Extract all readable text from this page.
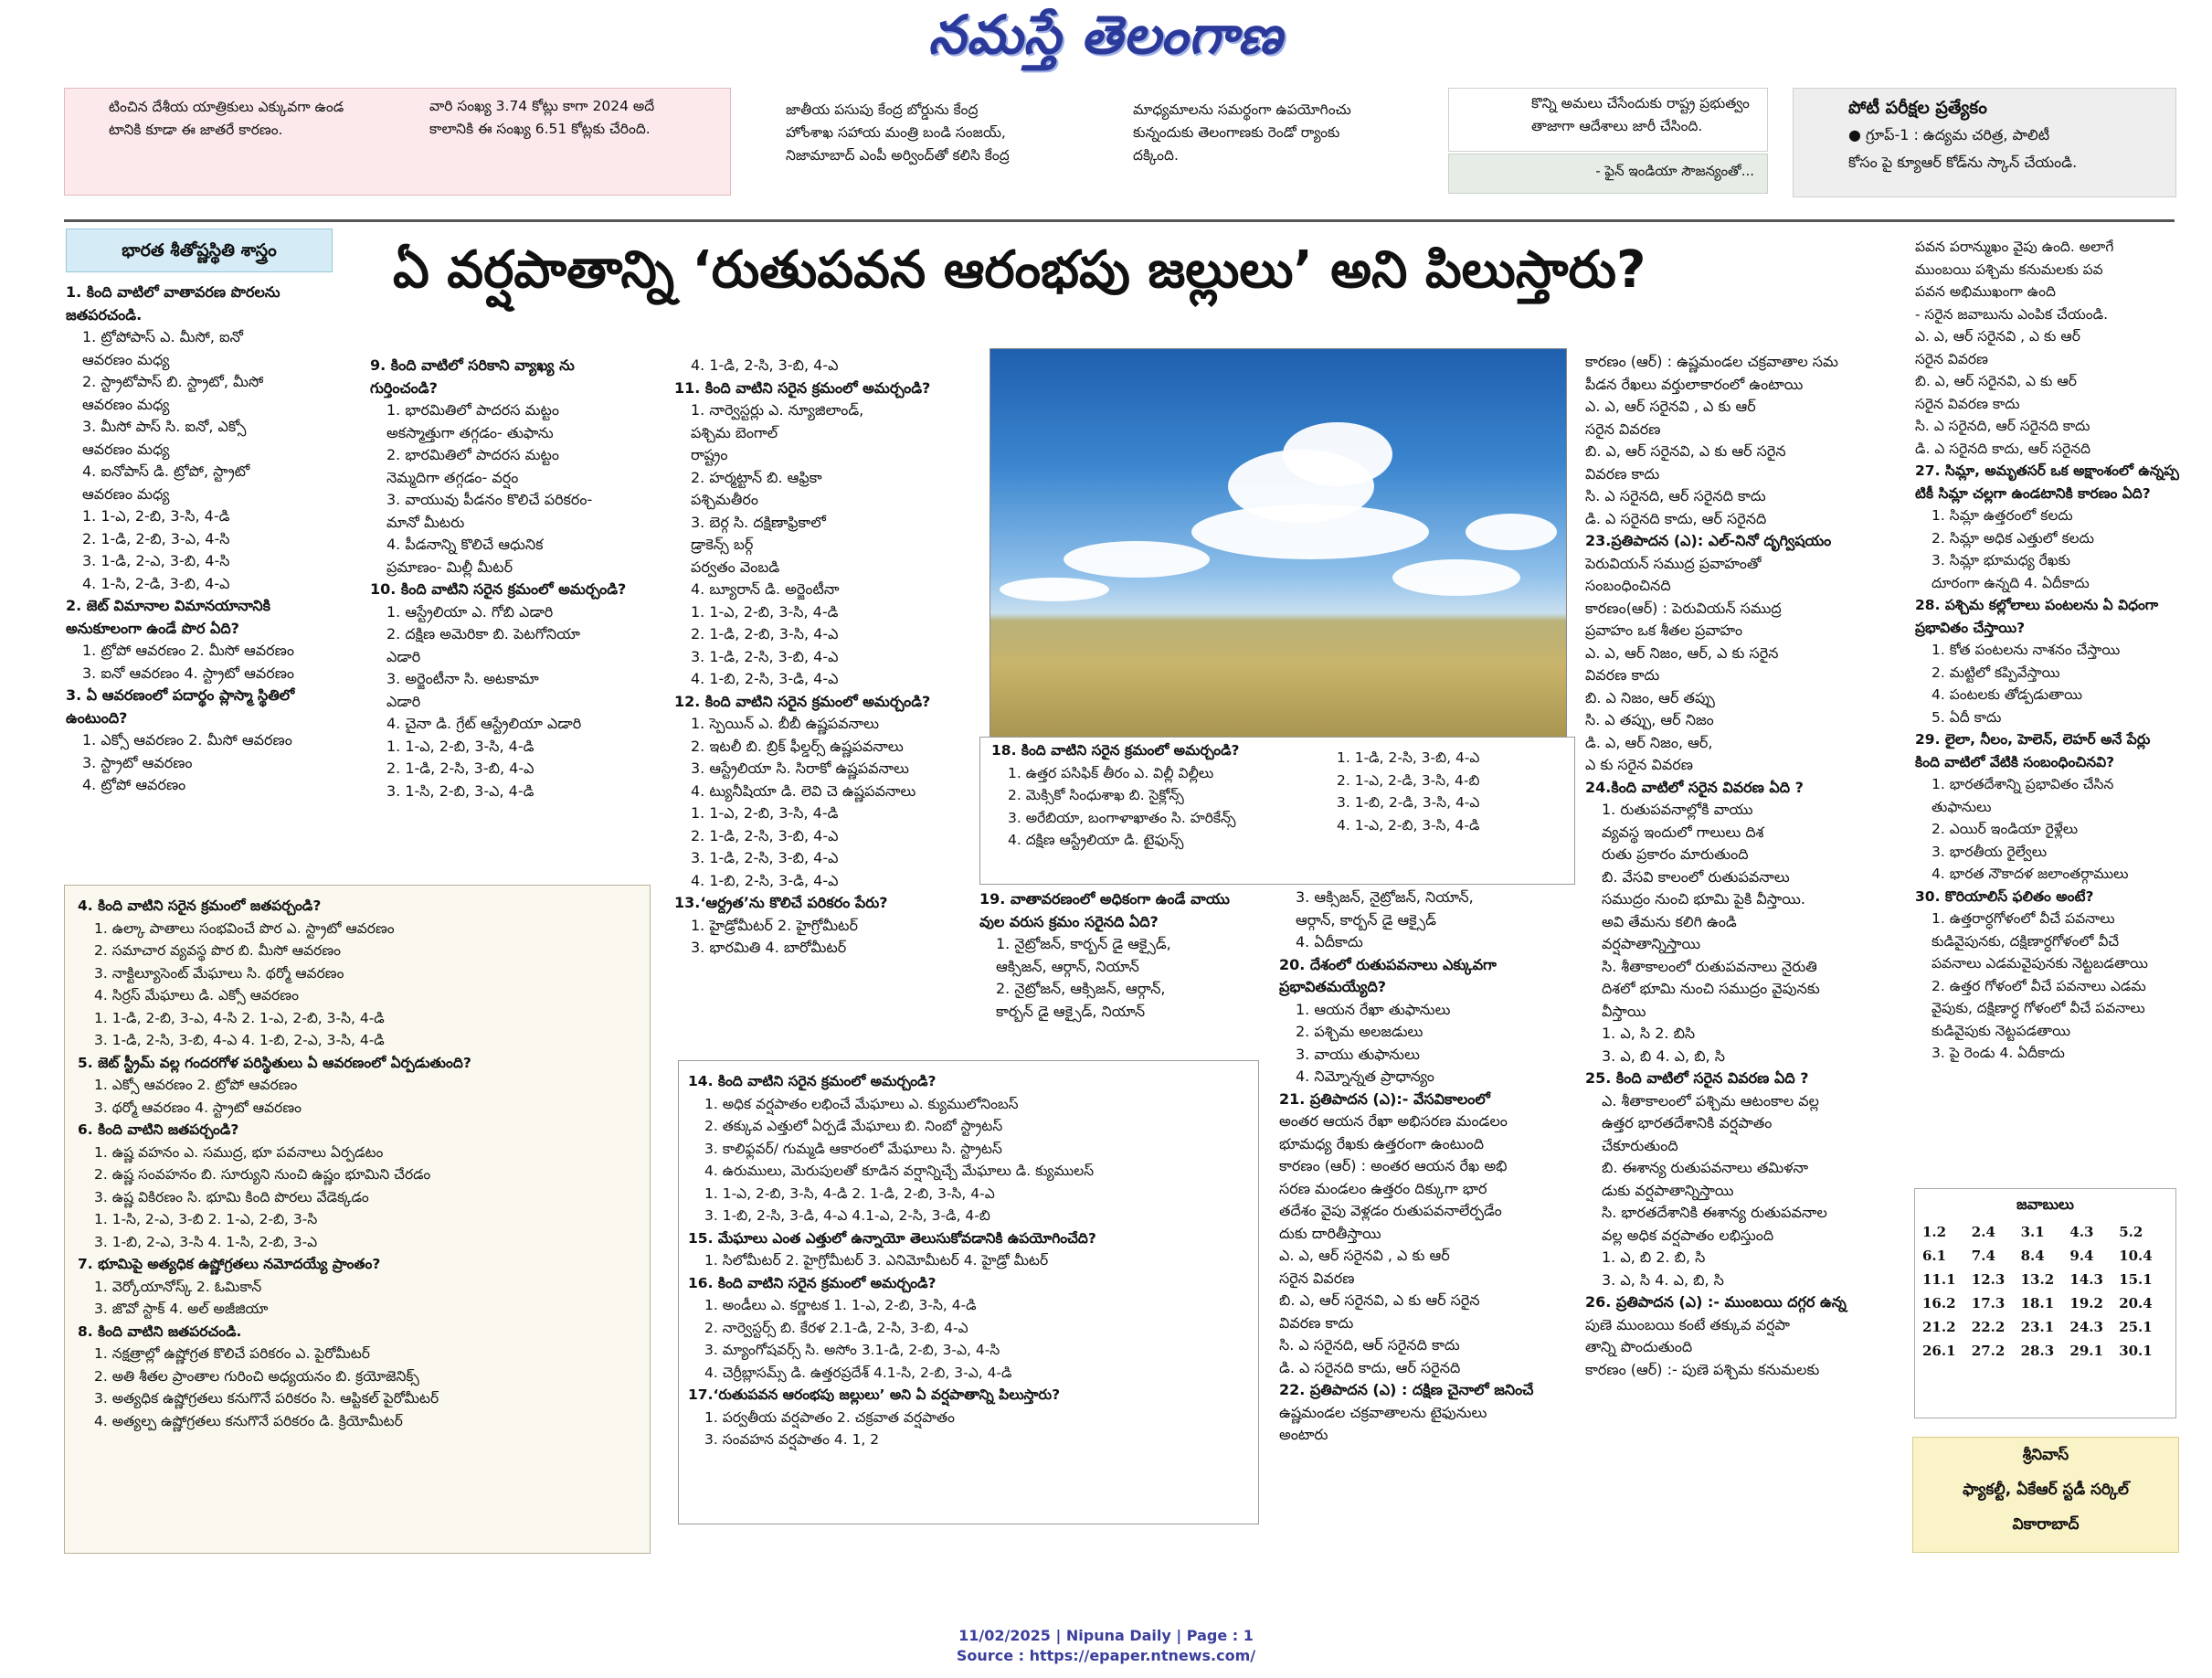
నమస్తే తెలంగాణ
టించిన దేశీయ యాత్రికులు ఎక్కువగా ఉండ
టానికి కూడా ఈ జాతరే కారణం.
వారి సంఖ్య 3.74 కోట్లు కాగా 2024 అదే
కాలానికి ఈ సంఖ్య 6.51 కోట్లకు చేరింది.
జాతీయ పసుపు కేంద్ర బోర్డును కేంద్ర
హోంశాఖ సహాయ మంత్రి బండి సంజయ్,
నిజామాబాద్ ఎంపీ అర్వింద్‌తో కలిసి కేంద్ర
మాధ్యమాలను సమర్థంగా ఉపయోగించు
కున్నందుకు తెలంగాణకు రెండో ర్యాంకు
దక్కింది.
కొన్ని అమలు చేసేందుకు రాష్ట్ర ప్రభుత్వం
తాజాగా ఆదేశాలు జారీ చేసింది.
- ఫైన్ ఇండియా సౌజన్యంతో...
పోటీ పరీక్షల ప్రత్యేకం
● గ్రూప్-1 : ఉద్యమ చరిత్ర, పాలిటీ
కోసం పై క్యూఆర్ కోడ్‌ను స్కాన్ చేయండి.
భారత శీతోష్ణస్థితి శాస్త్రం	ఏ వర్షపాతాన్ని ‘రుతుపవన ఆరంభపు జల్లులు’ అని పిలుస్తారు?
1. కింది వాటిలో వాతావరణ పొరలను
జతపరచండి.
1. ట్రోపోపాస్ ఎ. మీసో, ఐనో
ఆవరణం మధ్య
2. స్ట్రాటోపాస్ బి. స్ట్రాటో, మీసో
ఆవరణం మధ్య
3. మీసో పాస్ సి. ఐనో, ఎక్సో
ఆవరణం మధ్య
4. ఐనోపాస్ డి. ట్రోపో, స్ట్రాటో
ఆవరణం మధ్య
1. 1-ఎ, 2-బి, 3-సి, 4-డి
2. 1-డి, 2-బి, 3-ఎ, 4-సి
3. 1-డి, 2-ఎ, 3-బి, 4-సి
4. 1-సి, 2-డి, 3-బి, 4-ఎ
2. జెట్ విమానాల విమానయానానికి
అనుకూలంగా ఉండే పొర ఏది?
1. ట్రోపో ఆవరణం 2. మీసో ఆవరణం
3. ఐనో ఆవరణం 4. స్ట్రాటో ఆవరణం
3. ఏ ఆవరణంలో పదార్థం ప్లాస్మా స్థితిలో
ఉంటుంది?
1. ఎక్సో ఆవరణం 2. మీసో ఆవరణం
3. స్ట్రాటో ఆవరణం
4. ట్రోపో ఆవరణం
4. కింది వాటిని సరైన క్రమంలో జతపర్చండి?
1. ఉల్కా పాతాలు సంభవించే పొర ఎ. స్ట్రాటో ఆవరణం
2. సమాచార వ్యవస్థ పొర బి. మీసో ఆవరణం
3. నాక్టిల్యూసెంట్ మేఘాలు సి. థర్మో ఆవరణం
4. సిర్రస్ మేఘాలు డి. ఎక్సో ఆవరణం
1. 1-డి, 2-బి, 3-ఎ, 4-సి 2. 1-ఎ, 2-బి, 3-సి, 4-డి
3. 1-డి, 2-సి, 3-బి, 4-ఎ 4. 1-బి, 2-ఎ, 3-సి, 4-డి
5. జెట్ స్ట్రీమ్ వల్ల గందరగోళ పరిస్థితులు ఏ ఆవరణంలో ఏర్పడుతుంది?
1. ఎక్సో ఆవరణం 2. ట్రోపో ఆవరణం
3. థర్మో ఆవరణం 4. స్ట్రాటో ఆవరణం
6. కింది వాటిని జతపర్చండి?
1. ఉష్ణ వహనం ఎ. సముద్ర, భూ పవనాలు ఏర్పడటం
2. ఉష్ణ సంవహనం బి. సూర్యుని నుంచి ఉష్ణం భూమిని చేరడం
3. ఉష్ణ వికిరణం సి. భూమి కింది పొరలు వేడెక్కడం
1. 1-సి, 2-ఎ, 3-బి 2. 1-ఎ, 2-బి, 3-సి
3. 1-బి, 2-ఎ, 3-సి 4. 1-సి, 2-బి, 3-ఎ
7. భూమిపై అత్యధిక ఉష్ణోగ్రతలు నమోదయ్యే ప్రాంతం?
1. వెర్కోయానోస్క్ 2. ఓమికాన్
3. జొవో స్టాక్ 4. అల్ అజీజియా
8. కింది వాటిని జతపరచండి.
1. నక్షత్రాల్లో ఉష్ణోగ్రత కొలిచే పరికరం ఎ. పైరోమీటర్
2. అతి శీతల ప్రాంతాల గురించి అధ్యయనం బి. క్రయోజెనిక్స్
3. అత్యధిక ఉష్ణోగ్రతలు కనుగొనే పరికరం సి. ఆప్టికల్ పైరోమీటర్
4. అత్యల్ప ఉష్ణోగ్రతలు కనుగొనే పరికరం డి. క్రియోమీటర్
9. కింది వాటిలో సరికాని వ్యాఖ్య ను
గుర్తించండి?
1. భారమితిలో పాదరస మట్టం
అకస్మాత్తుగా తగ్గడం- తుఫాను
2. భారమితిలో పాదరస మట్టం
నెమ్మదిగా తగ్గడం- వర్షం
3. వాయువు పీడనం కొలిచే పరికరం-
మానో మీటరు
4. పీడనాన్ని కొలిచే ఆధునిక
ప్రమాణం- మిల్లీ మీటర్
10. కింది వాటిని సరైన క్రమంలో అమర్చండి?
1. ఆస్ట్రేలియా ఎ. గోబి ఎడారి
2. దక్షిణ అమెరికా బి. పెటగోనియా
ఎడారి
3. అర్జెంటీనా సి. అటకామా
ఎడారి
4. చైనా డి. గ్రేట్ ఆస్ట్రేలియా ఎడారి
1. 1-ఎ, 2-బి, 3-సి, 4-డి
2. 1-డి, 2-సి, 3-బి, 4-ఎ
3. 1-సి, 2-బి, 3-ఎ, 4-డి
4. 1-డి, 2-సి, 3-బి, 4-ఎ
11. కింది వాటిని సరైన క్రమంలో అమర్చండి?
1. నార్వెస్టర్లు ఎ. న్యూజిలాండ్,
పశ్చిమ బెంగాల్
రాష్ట్రం
2. హర్మట్టాన్ బి. ఆఫ్రికా
పశ్చిమతీరం
3. బెర్గ సి. దక్షిణాఫ్రికాలో
డ్రాకెన్స్ బర్గ్
పర్వతం వెంబడి
4. బ్యూరాన్ డి. అర్జెంటీనా
1. 1-ఎ, 2-బి, 3-సి, 4-డి
2. 1-డి, 2-బి, 3-సి, 4-ఎ
3. 1-డి, 2-సి, 3-బి, 4-ఎ
4. 1-బి, 2-సి, 3-డి, 4-ఎ
12. కింది వాటిని సరైన క్రమంలో అమర్చండి?
1. స్పెయిన్ ఎ. బీబీ ఉష్ణపవనాలు
2. ఇటలీ బి. బ్రిక్ ఫీల్డర్స్ ఉష్ణపవనాలు
3. ఆస్ట్రేలియా సి. సిరాకో ఉష్ణపవనాలు
4. ట్యునీషియా డి. లెవి చె ఉష్ణపవనాలు
1. 1-ఎ, 2-బి, 3-సి, 4-డి
2. 1-డి, 2-సి, 3-బి, 4-ఎ
3. 1-డి, 2-సి, 3-బి, 4-ఎ
4. 1-బి, 2-సి, 3-డి, 4-ఎ
13.‘ఆర్ద్రత’ను కొలిచే పరికరం పేరు?
1. హైడ్రోమీటర్ 2. హైగ్రోమీటర్
3. భారమితి 4. బారోమీటర్
18. కింది వాటిని సరైన క్రమంలో అమర్చండి?
1. ఉత్తర పసిఫిక్ తీరం ఎ. విల్లీ విల్లీలు
2. మెక్సికో సింధుశాఖ బి. సైక్లోన్స్
3. అరేబియా, బంగాళాఖాతం సి. హరికేన్స్
4. దక్షిణ ఆస్ట్రేలియా డి. టైఫున్స్
1. 1-డి, 2-సి, 3-బి, 4-ఎ
2. 1-ఎ, 2-డి, 3-సి, 4-బి
3. 1-బి, 2-డి, 3-సి, 4-ఎ
4. 1-ఎ, 2-బి, 3-సి, 4-డి
19. వాతావరణంలో అధికంగా ఉండే వాయు
వుల వరుస క్రమం సరైనది ఏది?
1. నైట్రోజన్, కార్బన్ డై ఆక్సైడ్,
ఆక్సిజన్, ఆర్గాన్, నియాన్
2. నైట్రోజన్, ఆక్సిజన్, ఆర్గాన్,
కార్బన్ డై ఆక్సైడ్, నియాన్
3. ఆక్సిజన్, నైట్రోజన్, నియాన్,
ఆర్గాన్, కార్బన్ డై ఆక్సైడ్
4. ఏదీకాదు
20. దేశంలో రుతుపవనాలు ఎక్కువగా
ప్రభావితమయ్యేది?
1. ఆయన రేఖా తుఫానులు
2. పశ్చిమ అలజడులు
3. వాయు తుఫానులు
4. నిమ్నోన్నత ప్రాధాన్యం
21. ప్రతిపాదన (ఎ):- వేసవికాలంలో
అంతర ఆయన రేఖా అభిసరణ మండలం
భూమధ్య రేఖకు ఉత్తరంగా ఉంటుంది
కారణం (ఆర్) : అంతర ఆయన రేఖ అభి
సరణ మండలం ఉత్తరం దిక్కుగా భార
తదేశం వైపు వెళ్లడం రుతుపవనాలేర్పడేం
దుకు దారితీస్తాయి
ఎ. ఎ, ఆర్ సరైనవి , ఎ కు ఆర్
సరైన వివరణ
బి. ఎ, ఆర్ సరైనవి, ఎ కు ఆర్ సరైన
వివరణ కాదు
సి. ఎ సరైనది, ఆర్ సరైనది కాదు
డి. ఎ సరైనది కాదు, ఆర్ సరైనది
22. ప్రతిపాదన (ఎ) : దక్షిణ చైనాలో జనించే
ఉష్ణమండల చక్రవాతాలను టైఫునులు
అంటారు
14. కింది వాటిని సరైన క్రమంలో అమర్చండి?
1. అధిక వర్షపాతం లభించే మేఘాలు ఎ. క్యుములోనింబస్
2. తక్కువ ఎత్తులో ఏర్పడే మేఘాలు బి. నింబో స్ట్రాటస్
3. కాలిఫ్లవర్/ గుమ్మడి ఆకారంలో మేఘాలు సి. స్ట్రాటస్
4. ఉరుములు, మెరుపులతో కూడిన వర్షాన్నిచ్చే మేఘాలు డి. క్యుములస్
1. 1-ఎ, 2-బి, 3-సి, 4-డి 2. 1-డి, 2-బి, 3-సి, 4-ఎ
3. 1-బి, 2-సి, 3-డి, 4-ఎ 4.1-ఎ, 2-సి, 3-డి, 4-బి
15. మేఘాలు ఎంత ఎత్తులో ఉన్నాయో తెలుసుకోవడానికి ఉపయోగించేది?
1. సిలోమీటర్ 2. హైగ్రోమీటర్ 3. ఎనిమోమీటర్ 4. హైడ్రో మీటర్
16. కింది వాటిని సరైన క్రమంలో అమర్చండి?
1. అండీలు ఎ. కర్ణాటక 1. 1-ఎ, 2-బి, 3-సి, 4-డి
2. నార్వెస్టర్స్ బి. కేరళ 2.1-డి, 2-సి, 3-బి, 4-ఎ
3. మ్యాంగోషవర్స్ సి. అసోం 3.1-డి, 2-బి, 3-ఎ, 4-సి
4. చెర్రీబ్లాసమ్స్ డి. ఉత్తరప్రదేశ్ 4.1-సి, 2-బి, 3-ఎ, 4-డి
17.‘రుతుపవన ఆరంభపు జల్లులు’ అని ఏ వర్షపాతాన్ని పిలుస్తారు?
1. పర్వతీయ వర్షపాతం 2. చక్రవాత వర్షపాతం
3. సంవహన వర్షపాతం 4. 1, 2
కారణం (ఆర్) : ఉష్ణమండల చక్రవాతాల సమ
పీడన రేఖలు వర్తులాకారంలో ఉంటాయి
ఎ. ఎ, ఆర్ సరైనవి , ఎ కు ఆర్
సరైన వివరణ
బి. ఎ, ఆర్ సరైనవి, ఎ కు ఆర్ సరైన
వివరణ కాదు
సి. ఎ సరైనది, ఆర్ సరైనది కాదు
డి. ఎ సరైనది కాదు, ఆర్ సరైనది
23.ప్రతిపాదన (ఎ): ఎల్-నినో దృగ్విషయం
పెరువియన్ సముద్ర ప్రవాహంతో
సంబంధించినది
కారణం(ఆర్) : పెరువియన్ సముద్ర
ప్రవాహం ఒక శీతల ప్రవాహం
ఎ. ఎ, ఆర్ నిజం, ఆర్, ఎ కు సరైన
వివరణ కాదు
బి. ఎ నిజం, ఆర్ తప్పు
సి. ఎ తప్పు, ఆర్ నిజం
డి. ఎ, ఆర్ నిజం, ఆర్,
ఎ కు సరైన వివరణ
24.కింది వాటిలో సరైన వివరణ ఏది ?
1. రుతుపవనాల్లోకి వాయు
వ్యవస్థ ఇందులో గాలులు దిశ
రుతు ప్రకారం మారుతుంది
బి. వేసవి కాలంలో రుతుపవనాలు
సముద్రం నుంచి భూమి పైకి వీస్తాయి.
అవి తేమను కలిగి ఉండి
వర్షపాతాన్నిస్తాయి
సి. శీతాకాలంలో రుతుపవనాలు నైరుతి
దిశలో భూమి నుంచి సముద్రం వైపునకు
వీస్తాయి
1. ఎ, సి 2. బిసి
3. ఎ, బి 4. ఎ, బి, సి
25. కింది వాటిలో సరైన వివరణ ఏది ?
ఎ. శీతాకాలంలో పశ్చిమ ఆటంకాల వల్ల
ఉత్తర భారతదేశానికి వర్షపాతం
చేకూరుతుంది
బి. ఈశాన్య రుతుపవనాలు తమిళనా
డుకు వర్షపాతాన్నిస్తాయి
సి. భారతదేశానికి ఈశాన్య రుతుపవనాల
వల్ల అధిక వర్షపాతం లభిస్తుంది
1. ఎ, బి 2. బి, సి
3. ఎ, సి 4. ఎ, బి, సి
26. ప్రతిపాదన (ఎ) :- ముంబయి దగ్గర ఉన్న
పుణె ముంబయి కంటే తక్కువ వర్షపా
తాన్ని పొందుతుంది
కారణం (ఆర్) :- పుణె పశ్చిమ కనుమలకు
పవన పరాన్ముఖం వైపు ఉంది. అలాగే
ముంబయి పశ్చిమ కనుమలకు పవ
పవన అభిముఖంగా ఉంది
- సరైన జవాబును ఎంపిక చేయండి.
ఎ. ఎ, ఆర్ సరైనవి , ఎ కు ఆర్
సరైన వివరణ
బి. ఎ, ఆర్ సరైనవి, ఎ కు ఆర్
సరైన వివరణ కాదు
సి. ఎ సరైనది, ఆర్ సరైనది కాదు
డి. ఎ సరైనది కాదు, ఆర్ సరైనది
27. సిమ్లా, అమృతసర్ ఒక అక్షాంశంలో ఉన్నప్ప
టికీ సిమ్లా చల్లగా ఉండటానికి కారణం ఏది?
1. సిమ్లా ఉత్తరంలో కలదు
2. సిమ్లా అధిక ఎత్తులో కలదు
3. సిమ్లా భూమధ్య రేఖకు
దూరంగా ఉన్నది 4. ఏదీకాదు
28. పశ్చిమ కల్లోలాలు పంటలను ఏ విధంగా
ప్రభావితం చేస్తాయి?
1. కోత పంటలను నాశనం చేస్తాయి
2. మట్టిలో కప్పివేస్తాయి
4. పంటలకు తోడ్పడుతాయి
5. ఏదీ కాదు
29. లైలా, నీలం, హెలెన్, లెహర్ అనే పేర్లు
కింది వాటిలో వేటికి సంబంధించినవి?
1. భారతదేశాన్ని ప్రభావితం చేసిన
తుఫానులు
2. ఎయిర్ ఇండియా రైళ్లేలు
3. భారతీయ రైల్వేలు
4. భారత నౌకాదళ జలాంతర్గాములు
30. కొరియాలిస్ ఫలితం అంటే?
1. ఉత్తరార్ధగోళంలో వీచే పవనాలు
కుడివైపునకు, దక్షిణార్ధగోళంలో వీచే
పవనాలు ఎడమవైపునకు నెట్టబడతాయి
2. ఉత్తర గోళంలో వీచే పవనాలు ఎడమ
వైపుకు, దక్షిణార్ధ గోళంలో వీచే పవనాలు
కుడివైపుకు నెట్టపడతాయి
3. పై రెండు 4. ఏదీకాదు
జవాబులు
1.2	2.4	3.1	4.3	5.2
6.1	7.4	8.4	9.4	10.4
11.1	12.3	13.2	14.3	15.1
16.2	17.3	18.1	19.2	20.4
21.2	22.2	23.1	24.3	25.1
26.1	27.2	28.3	29.1	30.1
శ్రీనివాస్
ఫ్యాకల్టీ, ఏకేఆర్ స్టడీ సర్కిల్
వికారాబాద్
11/02/2025 | Nipuna Daily | Page : 1
Source : https://epaper.ntnews.com/
